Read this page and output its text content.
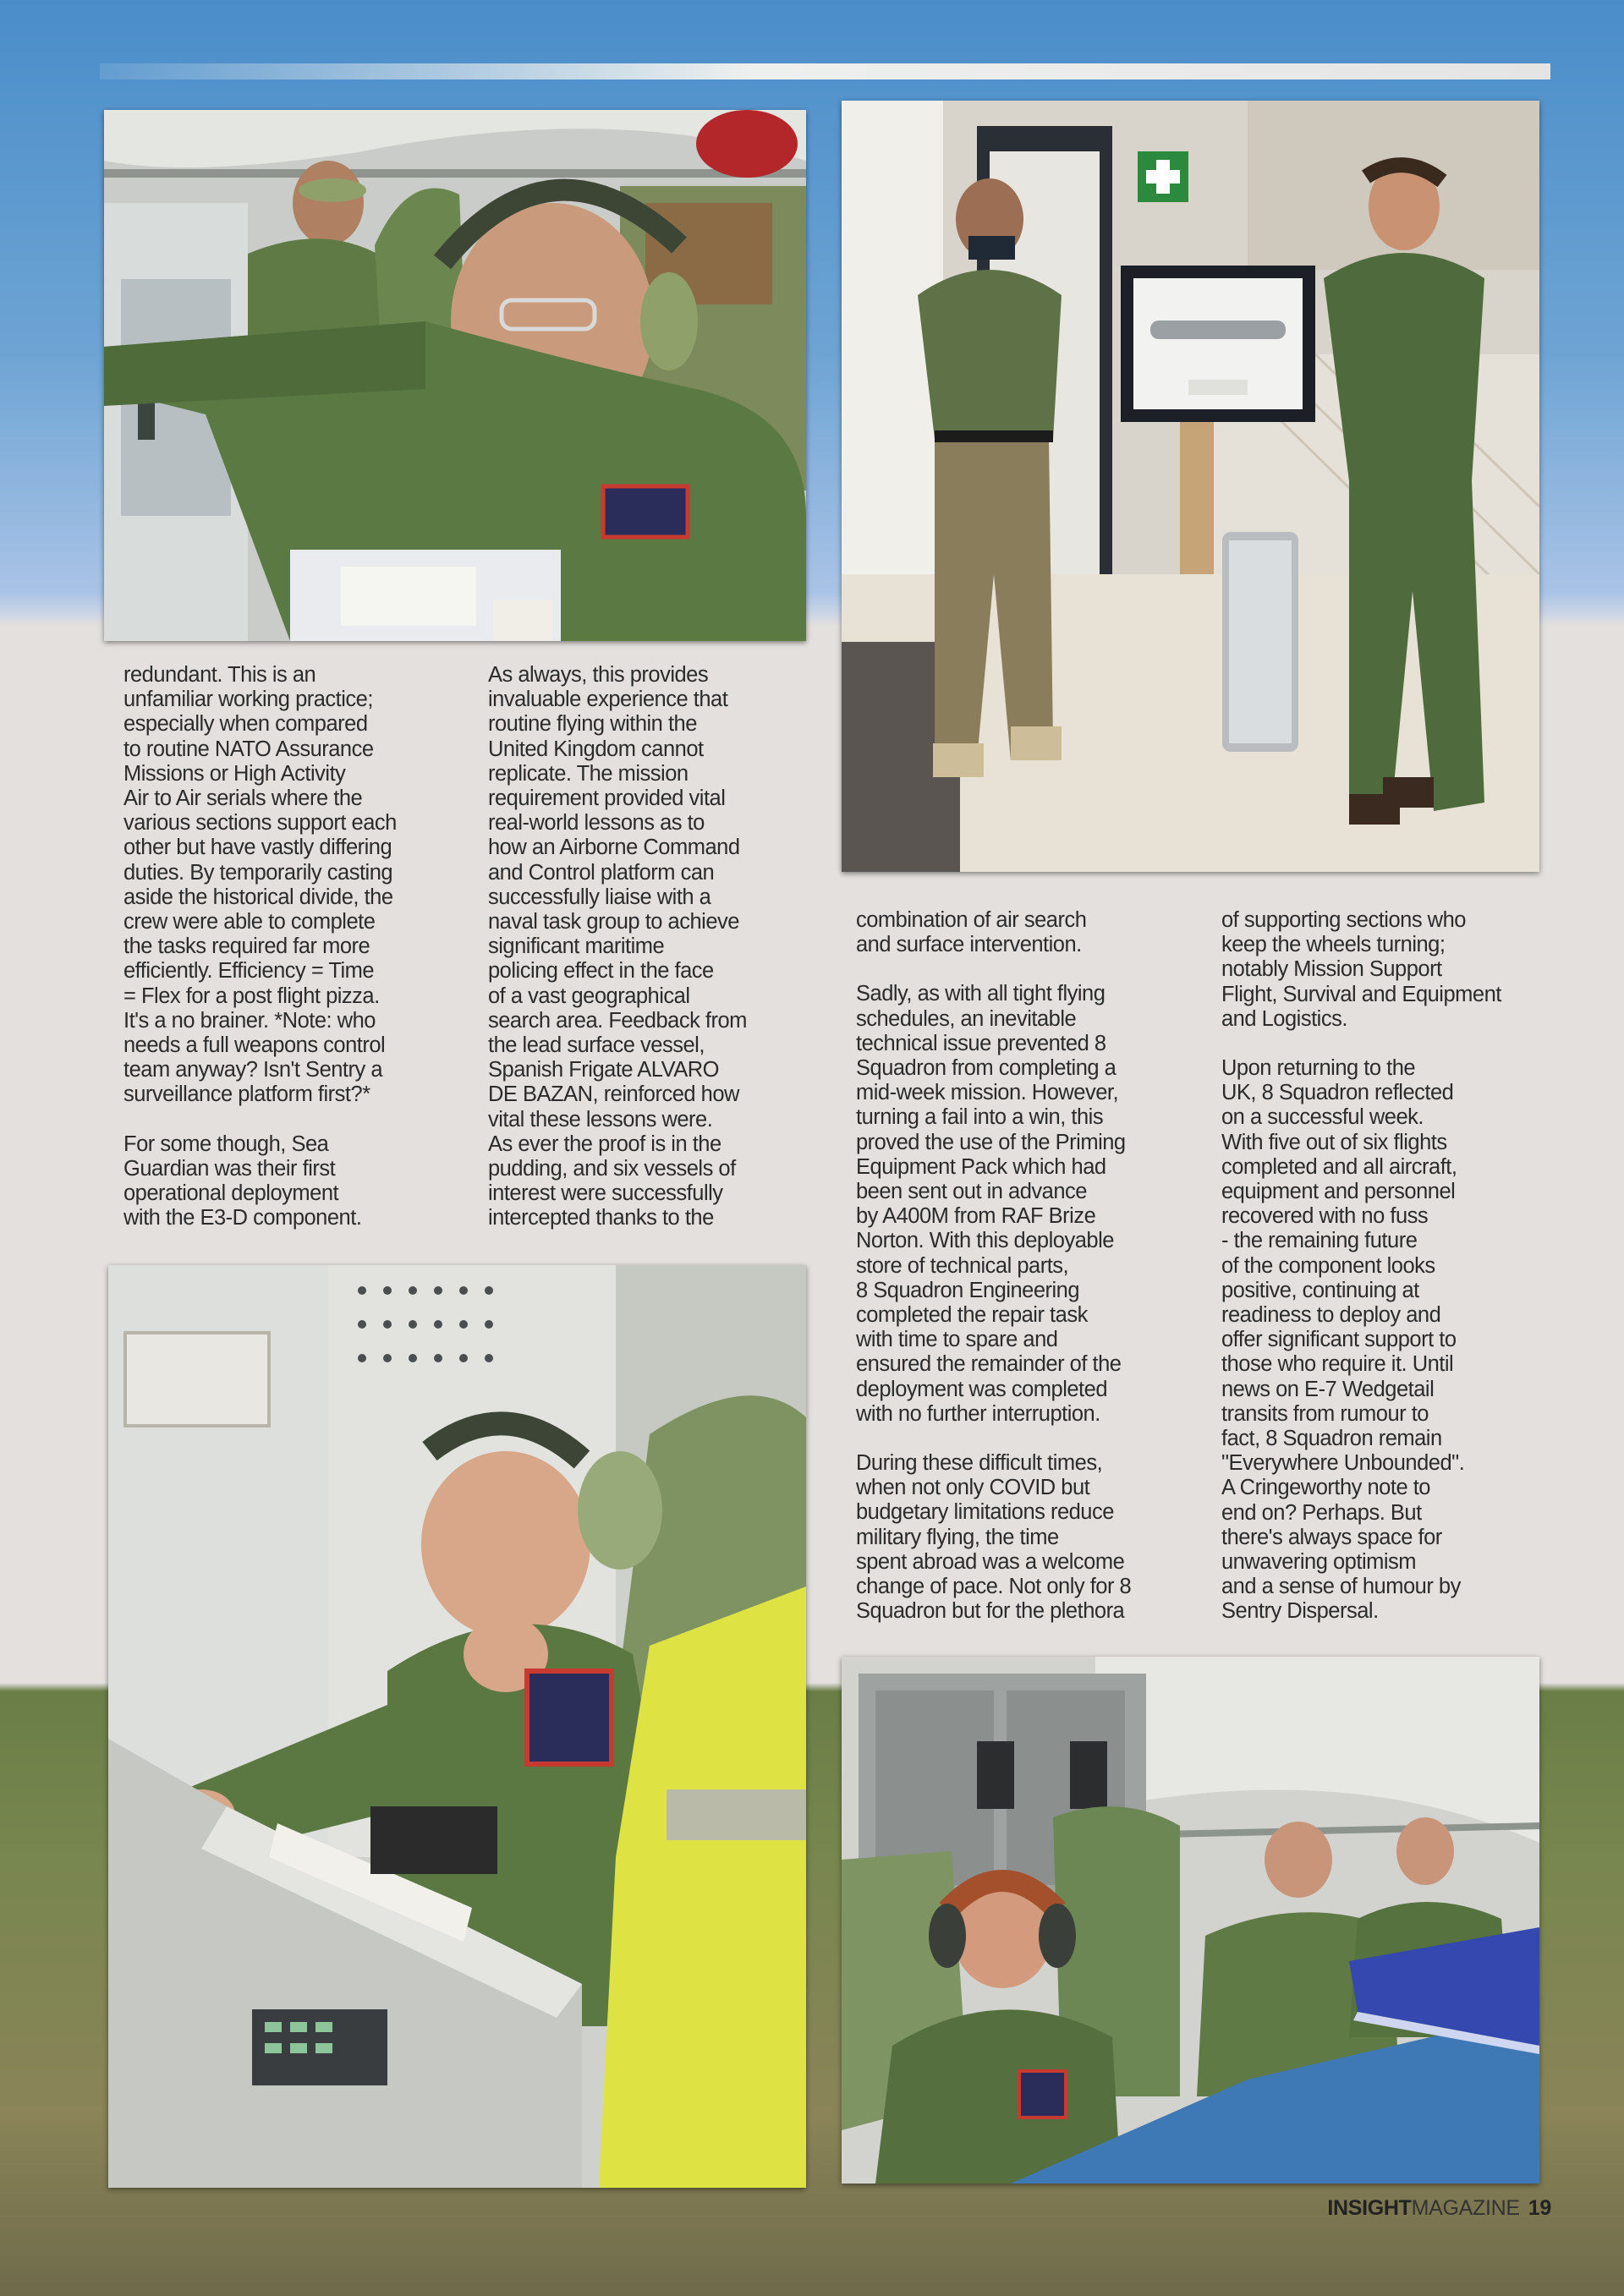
redundant. This is an
unfamiliar working practice;
especially when compared
to routine NATO Assurance
Missions or High Activity
Air to Air serials where the
various sections support each
other but have vastly differing
duties. By temporarily casting
aside the historical divide, the
crew were able to complete
the tasks required far more
efficiently. Efficiency = Time
= Flex for a post flight pizza.
It's a no brainer. *Note: who
needs a full weapons control
team anyway? Isn't Sentry a
surveillance platform first?*

For some though, Sea
Guardian was their first
operational deployment
with the E3-D component.

As always, this provides
invaluable experience that
routine flying within the
United Kingdom cannot
replicate. The mission
requirement provided vital
real-world lessons as to
how an Airborne Command
and Control platform can
successfully liaise with a
naval task group to achieve
significant maritime
policing effect in the face
of a vast geographical
search area. Feedback from
the lead surface vessel,
Spanish Frigate ALVARO
DE BAZAN, reinforced how
vital these lessons were.
As ever the proof is in the
pudding, and six vessels of
interest were successfully
intercepted thanks to the

combination of air search
and surface intervention.

Sadly, as with all tight flying
schedules, an inevitable
technical issue prevented 8
Squadron from completing a
mid-week mission. However,
turning a fail into a win, this
proved the use of the Priming
Equipment Pack which had
been sent out in advance
by A400M from RAF Brize
Norton. With this deployable
store of technical parts,
8 Squadron Engineering
completed the repair task
with time to spare and
ensured the remainder of the
deployment was completed
with no further interruption.

During these difficult times,
when not only COVID but
budgetary limitations reduce
military flying, the time
spent abroad was a welcome
change of pace. Not only for 8
Squadron but for the plethora

of supporting sections who
keep the wheels turning;
notably Mission Support
Flight, Survival and Equipment
and Logistics.

Upon returning to the
UK, 8 Squadron reflected
on a successful week.
With five out of six flights
completed and all aircraft,
equipment and personnel
recovered with no fuss
- the remaining future
of the component looks
positive, continuing at
readiness to deploy and
offer significant support to
those who require it. Until
news on E-7 Wedgetail
transits from rumour to
fact, 8 Squadron remain
"Everywhere Unbounded".
A Cringeworthy note to
end on? Perhaps. But
there's always space for
unwavering optimism
and a sense of humour by
Sentry Dispersal.

INSIGHTMAGAZINE 19
